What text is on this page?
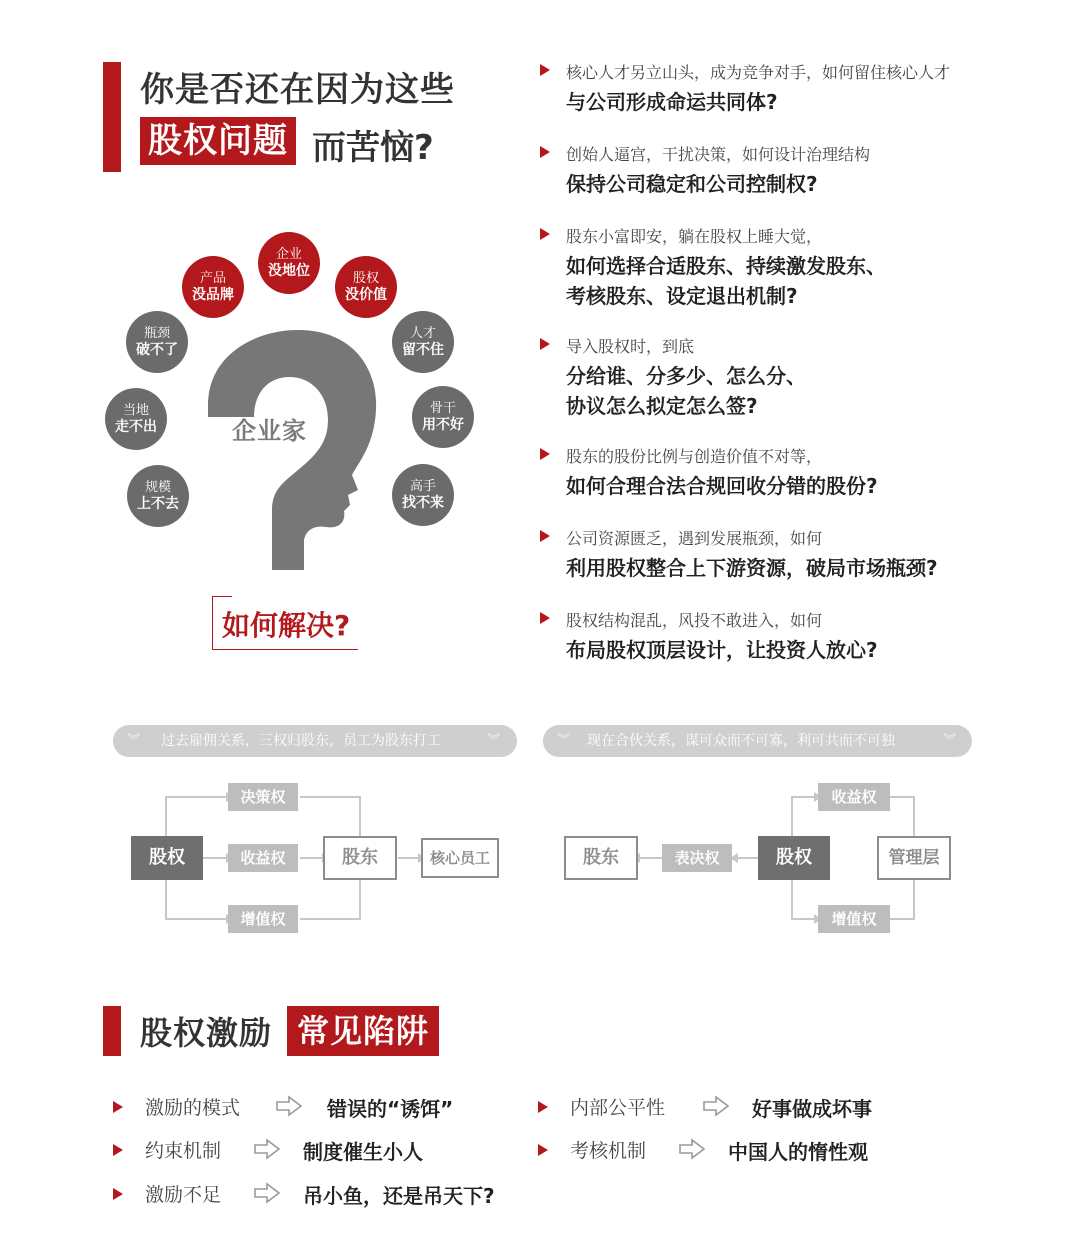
你是否还在因为这些
股权问题 而苦恼?
企业家
企业
没地位
产品
没品牌
股权
没价值
瓶颈
破不了
人才
留不住
当地
走不出
骨干
用不好
规模
上不去
高手
找不来
如何解决?
核心人才另立山头，成为竞争对手，如何留住核心人才
与公司形成命运共同体?
创始人逼宫，干扰决策，如何设计治理结构
保持公司稳定和公司控制权?
股东小富即安，躺在股权上睡大觉，
如何选择合适股东、持续激发股东、
考核股东、设定退出机制?
导入股权时，到底
分给谁、分多少、怎么分、
协议怎么拟定怎么签?
股东的股份比例与创造价值不对等，
如何合理合法合规回收分错的股份?
公司资源匮乏，遇到发展瓶颈，如何
利用股权整合上下游资源，破局市场瓶颈?
股权结构混乱，风投不敢进入，如何
布局股权顶层设计，让投资人放心?
︾ 过去雇佣关系，三权归股东，员工为股东打工	︾	︾ 现在合伙关系，谋可众而不可寡，利可共而不可独	︾
股权
决策权
收益权
增值权
股东	核心员工	股东	表决权	股权
收益权
增值权
管理层
股权激励 常见陷阱
激励的模式	错误的“诱饵”	内部公平性	好事做成坏事
约束机制	制度催生小人	考核机制	中国人的惰性观
激励不足	吊小鱼，还是吊天下?
